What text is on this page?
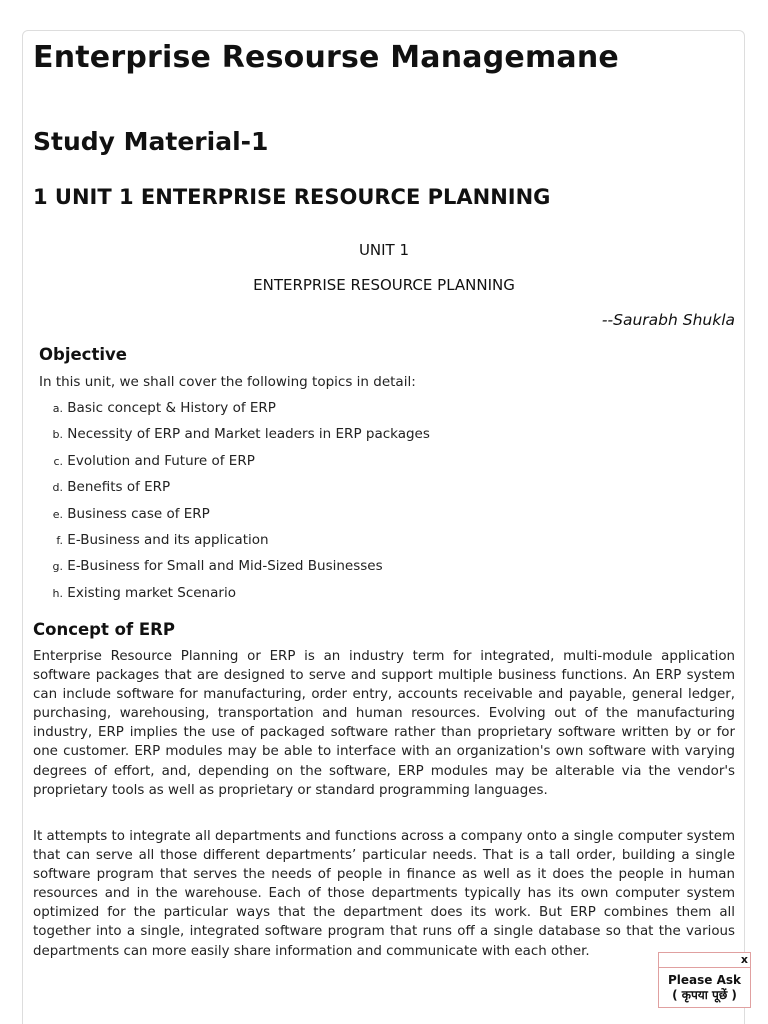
Enterprise Resourse Managemane
Study Material-1
1 UNIT 1 ENTERPRISE RESOURCE PLANNING

UNIT 1

ENTERPRISE RESOURCE PLANNING

--Saurabh Shukla

Objective

In this unit, we shall cover the following topics in detail:

a. Basic concept & History of ERP
b. Necessity of ERP and Market leaders in ERP packages
c. Evolution and Future of ERP
d. Benefits of ERP
e. Business case of ERP
f. E-Business and its application
g. E-Business for Small and Mid-Sized Businesses
h. Existing market Scenario
Concept of ERP

Enterprise Resource Planning or ERP is an industry term for integrated, multi-module application software packages that are designed to serve and support multiple business functions. An ERP system can include software for manufacturing, order entry, accounts receivable and payable, general ledger, purchasing, warehousing, transportation and human resources. Evolving out of the manufacturing industry, ERP implies the use of packaged software rather than proprietary software written by or for one customer. ERP modules may be able to interface with an organization's own software with varying degrees of effort, and, depending on the software, ERP modules may be alterable via the vendor's proprietary tools as well as proprietary or standard programming languages.

It attempts to integrate all departments and functions across a company onto a single computer system that can serve all those different departments’ particular needs. That is a tall order, building a single software program that serves the needs of people in finance as well as it does the people in human resources and in the warehouse. Each of those departments typically has its own computer system optimized for the particular ways that the department does its work. But ERP combines them all together into a single, integrated software program that runs off a single database so that the various departments can more easily share information and communicate with each other.

x
Please Ask
( कृपया पूछें )
